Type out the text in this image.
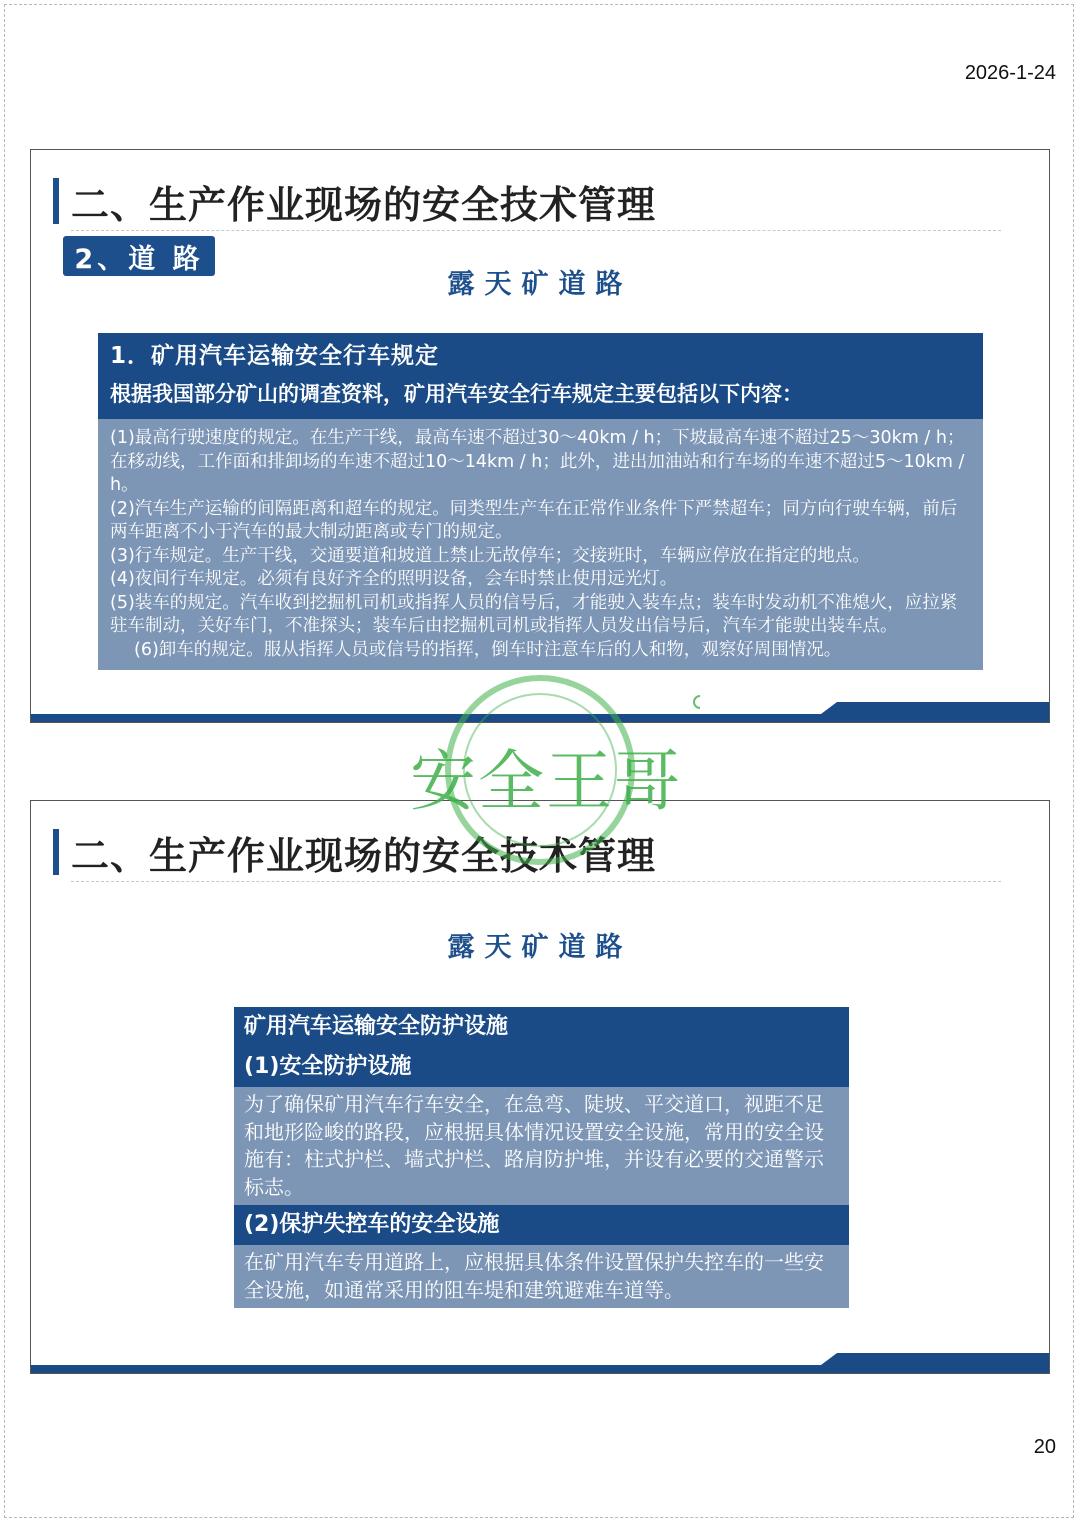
2026-1-24
二、生产作业现场的安全技术管理
2、道 路
露天矿道路
1．矿用汽车运输安全行车规定
根据我国部分矿山的调查资料，矿用汽车安全行车规定主要包括以下内容：

(1)最高行驶速度的规定。在生产干线，最高车速不超过30～40km / h；下坡最高车速不超过25～30km / h；在移动线，工作面和排卸场的车速不超过10～14km / h；此外，进出加油站和行车场的车速不超过5～10km / h。

(2)汽车生产运输的间隔距离和超车的规定。同类型生产车在正常作业条件下严禁超车；同方向行驶车辆，前后两车距离不小于汽车的最大制动距离或专门的规定。

(3)行车规定。生产干线，交通要道和坡道上禁止无故停车；交接班时，车辆应停放在指定的地点。

(4)夜间行车规定。必须有良好齐全的照明设备，会车时禁止使用远光灯。

(5)装车的规定。汽车收到挖掘机司机或指挥人员的信号后，才能驶入装车点；装车时发动机不准熄火，应拉紧驻车制动，关好车门，不准探头；装车后由挖掘机司机或指挥人员发出信号后，汽车才能驶出装车点。

(6)卸车的规定。服从指挥人员或信号的指挥，倒车时注意车后的人和物，观察好周围情况。

二、生产作业现场的安全技术管理
露天矿道路
矿用汽车运输安全防护设施
(1)安全防护设施
为了确保矿用汽车行车安全，在急弯、陡坡、平交道口，视距不足和地形险峻的路段，应根据具体情况设置安全设施，常用的安全设施有：柱式护栏、墙式护栏、路肩防护堆，并设有必要的交通警示标志。
(2)保护失控车的安全设施
在矿用汽车专用道路上，应根据具体条件设置保护失控车的一些安全设施，如通常采用的阻车堤和建筑避难车道等。
安全王哥
20
